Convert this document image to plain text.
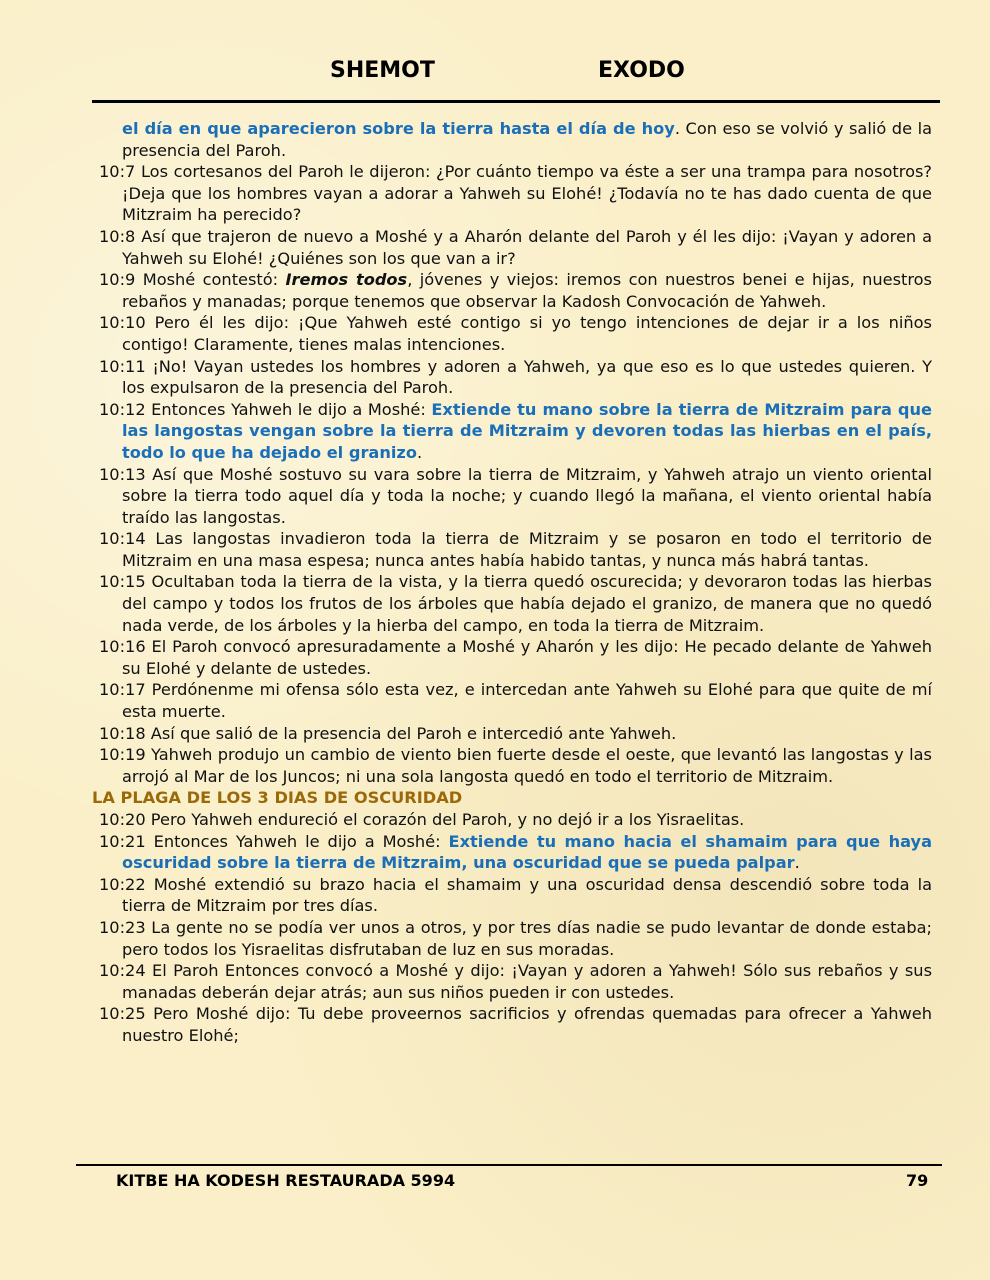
SHEMOT	EXODO

el día en que aparecieron sobre la tierra hasta el día de hoy. Con eso se volvió y salió de la presencia del Paroh.

10:7 Los cortesanos del Paroh le dijeron: ¿Por cuánto tiempo va éste a ser una trampa para nosotros? ¡Deja que los hombres vayan a adorar a Yahweh su Elohé! ¿Todavía no te has dado cuenta de que Mitzraim ha perecido?

10:8 Así que trajeron de nuevo a Moshé y a Aharón delante del Paroh y él les dijo: ¡Vayan y adoren a Yahweh su Elohé! ¿Quiénes son los que van a ir?

10:9 Moshé contestó: Iremos todos, jóvenes y viejos: iremos con nuestros benei e hijas, nuestros rebaños y manadas; porque tenemos que observar la Kadosh Convocación de Yahweh.

10:10 Pero él les dijo: ¡Que Yahweh esté contigo si yo tengo intenciones de dejar ir a los niños contigo! Claramente, tienes malas intenciones.

10:11 ¡No! Vayan ustedes los hombres y adoren a Yahweh, ya que eso es lo que ustedes quieren. Y los expulsaron de la presencia del Paroh.

10:12 Entonces Yahweh le dijo a Moshé: Extiende tu mano sobre la tierra de Mitzraim para que las langostas vengan sobre la tierra de Mitzraim y devoren todas las hierbas en el país, todo lo que ha dejado el granizo.

10:13 Así que Moshé sostuvo su vara sobre la tierra de Mitzraim, y Yahweh atrajo un viento oriental sobre la tierra todo aquel día y toda la noche; y cuando llegó la mañana, el viento oriental había traído las langostas.

10:14 Las langostas invadieron toda la tierra de Mitzraim y se posaron en todo el territorio de Mitzraim en una masa espesa; nunca antes había habido tantas, y nunca más habrá tantas.

10:15 Ocultaban toda la tierra de la vista, y la tierra quedó oscurecida; y devoraron todas las hierbas del campo y todos los frutos de los árboles que había dejado el granizo, de manera que no quedó nada verde, de los árboles y la hierba del campo, en toda la tierra de Mitzraim.

10:16 El Paroh convocó apresuradamente a Moshé y Aharón y les dijo: He pecado delante de Yahweh su Elohé y delante de ustedes.

10:17 Perdónenme mi ofensa sólo esta vez, e intercedan ante Yahweh su Elohé para que quite de mí esta muerte.

10:18 Así que salió de la presencia del Paroh e intercedió ante Yahweh.

10:19 Yahweh produjo un cambio de viento bien fuerte desde el oeste, que levantó las langostas y las arrojó al Mar de los Juncos; ni una sola langosta quedó en todo el territorio de Mitzraim.

LA PLAGA DE LOS 3 DIAS DE OSCURIDAD

10:20 Pero Yahweh endureció el corazón del Paroh, y no dejó ir a los Yisraelitas.

10:21 Entonces Yahweh le dijo a Moshé: Extiende tu mano hacia el shamaim para que haya oscuridad sobre la tierra de Mitzraim, una oscuridad que se pueda palpar.

10:22 Moshé extendió su brazo hacia el shamaim y una oscuridad densa descendió sobre toda la tierra de Mitzraim por tres días.

10:23 La gente no se podía ver unos a otros, y por tres días nadie se pudo levantar de donde estaba; pero todos los Yisraelitas disfrutaban de luz en sus moradas.

10:24 El Paroh Entonces convocó a Moshé y dijo: ¡Vayan y adoren a Yahweh! Sólo sus rebaños y sus manadas deberán dejar atrás; aun sus niños pueden ir con ustedes.

10:25 Pero Moshé dijo: Tu debe proveernos sacrificios y ofrendas quemadas para ofrecer a Yahweh nuestro Elohé;

KITBE HA KODESH RESTAURADA 5994	79
